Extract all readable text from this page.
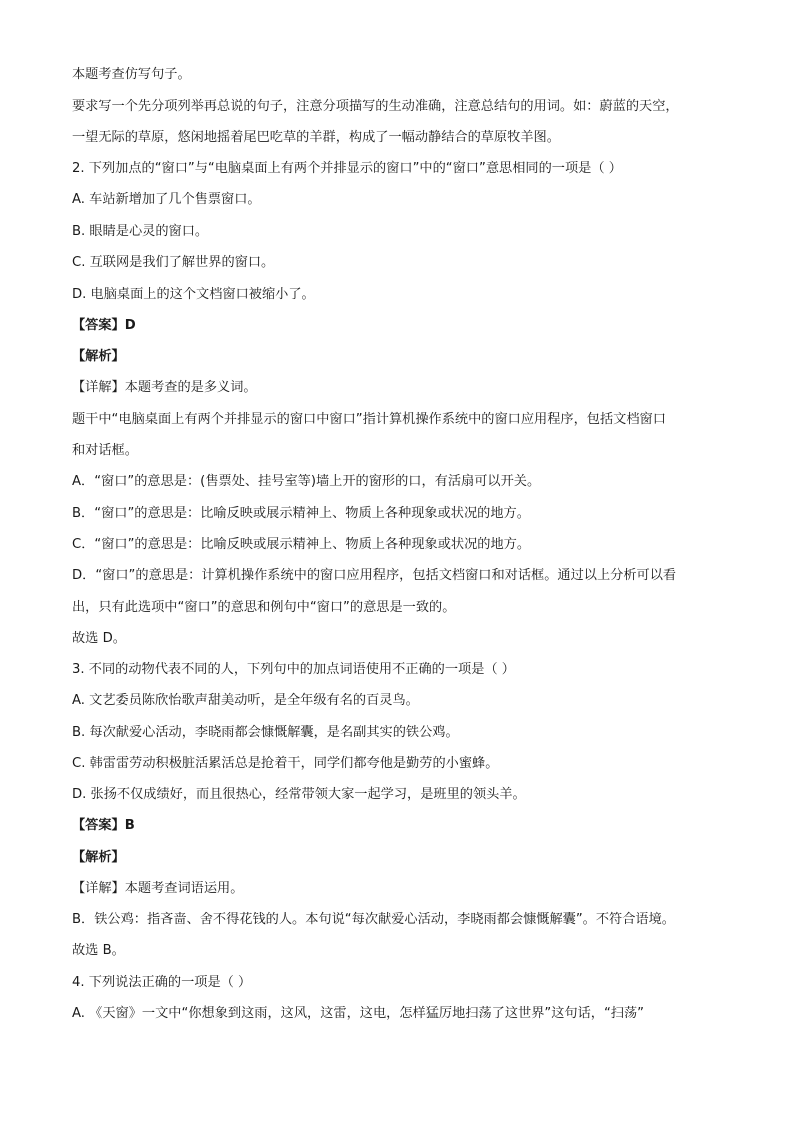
本题考查仿写句子。
要求写一个先分项列举再总说的句子，注意分项描写的生动准确，注意总结句的用词。如：蔚蓝的天空，
一望无际的草原，悠闲地摇着尾巴吃草的羊群，构成了一幅动静结合的草原牧羊图。
2. 下列加点的“窗口”与“电脑桌面上有两个并排显示的窗口”中的“窗口”意思相同的一项是（ ）
A. 车站新增加了几个售票窗口。
B. 眼睛是心灵的窗口。
C. 互联网是我们了解世界的窗口。
D. 电脑桌面上的这个文档窗口被缩小了。
【答案】D
【解析】
【详解】本题考查的是多义词。
题干中“电脑桌面上有两个并排显示的窗口中窗口”指计算机操作系统中的窗口应用程序，包括文档窗口
和对话框。
A．“窗口”的意思是：(售票处、挂号室等)墙上开的窗形的口，有活扇可以开关。
B．“窗口”的意思是：比喻反映或展示精神上、物质上各种现象或状况的地方。
C．“窗口”的意思是：比喻反映或展示精神上、物质上各种现象或状况的地方。
D．“窗口”的意思是：计算机操作系统中的窗口应用程序，包括文档窗口和对话框。通过以上分析可以看
出，只有此选项中“窗口”的意思和例句中“窗口”的意思是一致的。
故选 D。
3. 不同的动物代表不同的人，下列句中的加点词语使用不正确的一项是（ ）
A. 文艺委员陈欣怡歌声甜美动听，是全年级有名的百灵鸟。
B. 每次献爱心活动，李晓雨都会慷慨解囊，是名副其实的铁公鸡。
C. 韩雷雷劳动积极脏活累活总是抢着干，同学们都夸他是勤劳的小蜜蜂。
D. 张扬不仅成绩好，而且很热心，经常带领大家一起学习，是班里的领头羊。
【答案】B
【解析】
【详解】本题考查词语运用。
B．铁公鸡：指吝啬、舍不得花钱的人。本句说“每次献爱心活动，李晓雨都会慷慨解囊”。不符合语境。
故选 B。
4. 下列说法正确的一项是（ ）
A. 《天窗》一文中“你想象到这雨，这风，这雷，这电，怎样猛厉地扫荡了这世界”这句话，“扫荡”
